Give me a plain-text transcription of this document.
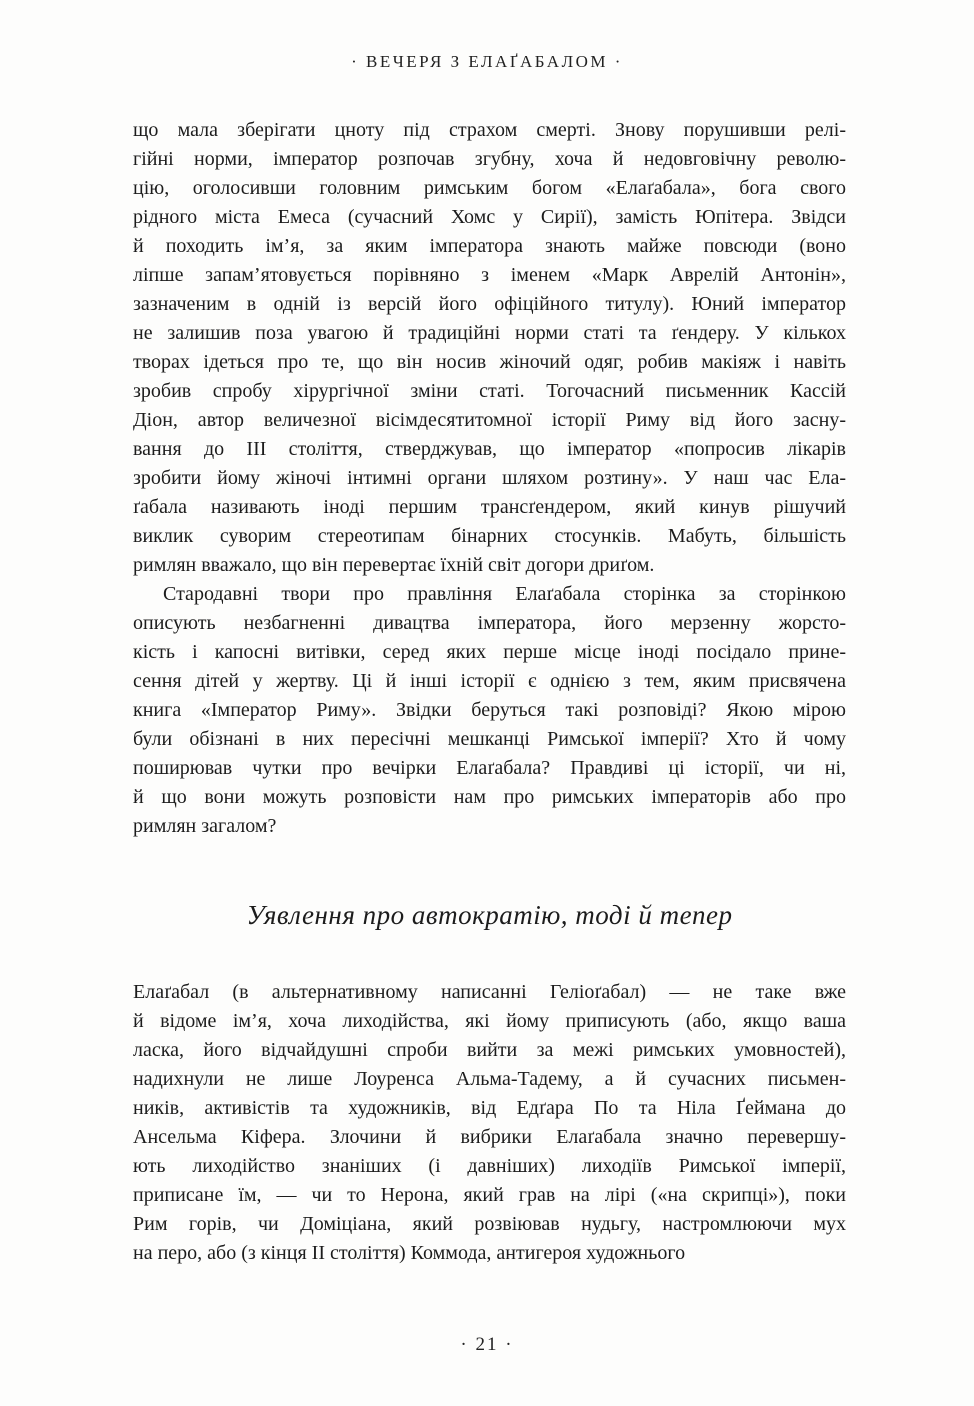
· ВЕЧЕРЯ З ЕЛАҐАБАЛОМ ·

що мала зберігати цноту під страхом смерті. Знову порушивши релі-
гійні норми, імператор розпочав згубну, хоча й недовговічну револю-
цію, оголосивши головним римським богом «Елаґабала», бога свого
рідного міста Емеса (сучасний Хомс у Сирії), замість Юпітера. Звідси
й походить ім’я, за яким імператора знають майже повсюди (воно
ліпше запам’ятовується порівняно з іменем «Марк Аврелій Антонін»,
зазначеним в одній із версій його офіційного титулу). Юний імператор
не залишив поза увагою й традиційні норми статі та ґендеру. У кількох
творах ідеться про те, що він носив жіночий одяг, робив макіяж і навіть
зробив спробу хірургічної зміни статі. Тогочасний письменник Кассій
Діон, автор величезної вісімдесятитомної історії Риму від його засну-
вання до III століття, стверджував, що імператор «попросив лікарів
зробити йому жіночі інтимні органи шляхом розтину». У наш час Ела-
ґабала називають іноді першим трансґендером, який кинув рішучий
виклик суворим стереотипам бінарних стосунків. Мабуть, більшість
римлян вважало, що він перевертає їхній світ догори дриґом.

Стародавні твори про правління Елаґабала сторінка за сторінкою
описують незбагненні дивацтва імператора, його мерзенну жорсто-
кість і капосні витівки, серед яких перше місце іноді посідало прине-
сення дітей у жертву. Ці й інші історії є однією з тем, яким присвячена
книга «Імператор Риму». Звідки беруться такі розповіді? Якою мірою
були обізнані в них пересічні мешканці Римської імперії? Хто й чому
поширював чутки про вечірки Елаґабала? Правдиві ці історії, чи ні,
й що вони можуть розповісти нам про римських імператорів або про
римлян загалом?

Уявлення про автократію, тоді й тепер

Елаґабал (в альтернативному написанні Геліоґабал) — не таке вже
й відоме ім’я, хоча лиходійства, які йому приписують (або, якщо ваша
ласка, його відчайдушні спроби вийти за межі римських умовностей),
надихнули не лише Лоуренса Альма-Тадему, а й сучасних письмен-
ників, активістів та художників, від Едґара По та Ніла Ґеймана до
Ансельма Кіфера. Злочини й вибрики Елаґабала значно перевершу-
ють лиходійство знаніших (і давніших) лиходіїв Римської імперії,
приписане їм, — чи то Нерона, який грав на лірі («на скрипці»), поки
Рим горів, чи Доміціана, який розвіював нудьгу, настромлюючи мух
на перо, або (з кінця II століття) Коммода, антигероя художнього

· 21 ·
